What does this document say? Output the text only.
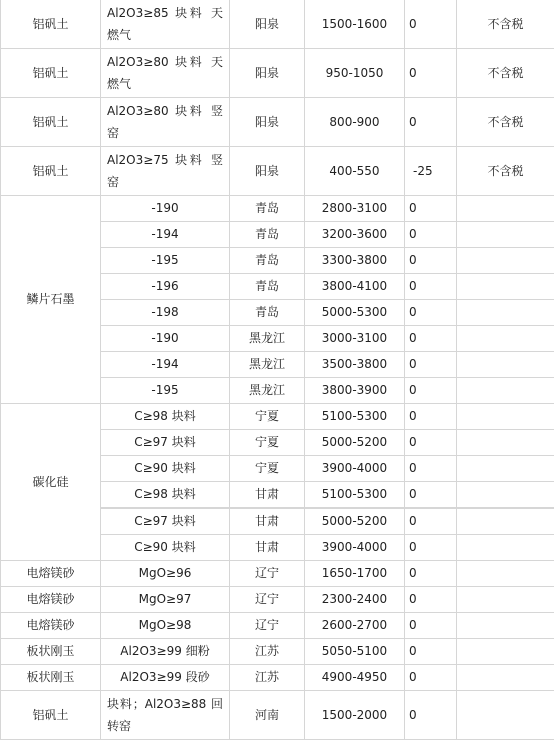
铝矾土	Al2O3≥85 块料 天燃气	阳泉	1500-1600	0	不含税
铝矾土	Al2O3≥80 块料 天燃气	阳泉	950-1050	0	不含税
铝矾土	Al2O3≥80 块料 竖窑	阳泉	800-900	0	不含税
铝矾土	Al2O3≥75 块料 竖窑	阳泉	400-550	-25	不含税
鳞片石墨	-190	青岛	2800-3100	0	
	-194	青岛	3200-3600	0	
	-195	青岛	3300-3800	0	
	-196	青岛	3800-4100	0	
	-198	青岛	5000-5300	0	
	-190	黑龙江	3000-3100	0	
	-194	黑龙江	3500-3800	0	
	-195	黑龙江	3800-3900	0	
碳化硅	C≥98 块料	宁夏	5100-5300	0	
	C≥97 块料	宁夏	5000-5200	0	
	C≥90 块料	宁夏	3900-4000	0	
	C≥98 块料	甘肃	5100-5300	0	
	C≥97 块料	甘肃	5000-5200	0	
	C≥90 块料	甘肃	3900-4000	0	
电熔镁砂	MgO≥96	辽宁	1650-1700	0	
电熔镁砂	MgO≥97	辽宁	2300-2400	0	
电熔镁砂	MgO≥98	辽宁	2600-2700	0	
板状刚玉	Al2O3≥99 细粉	江苏	5050-5100	0	
板状刚玉	Al2O3≥99 段砂	江苏	4900-4950	0	
铝矾土	块料；Al2O3≥88 回转窑	河南	1500-2000	0	
